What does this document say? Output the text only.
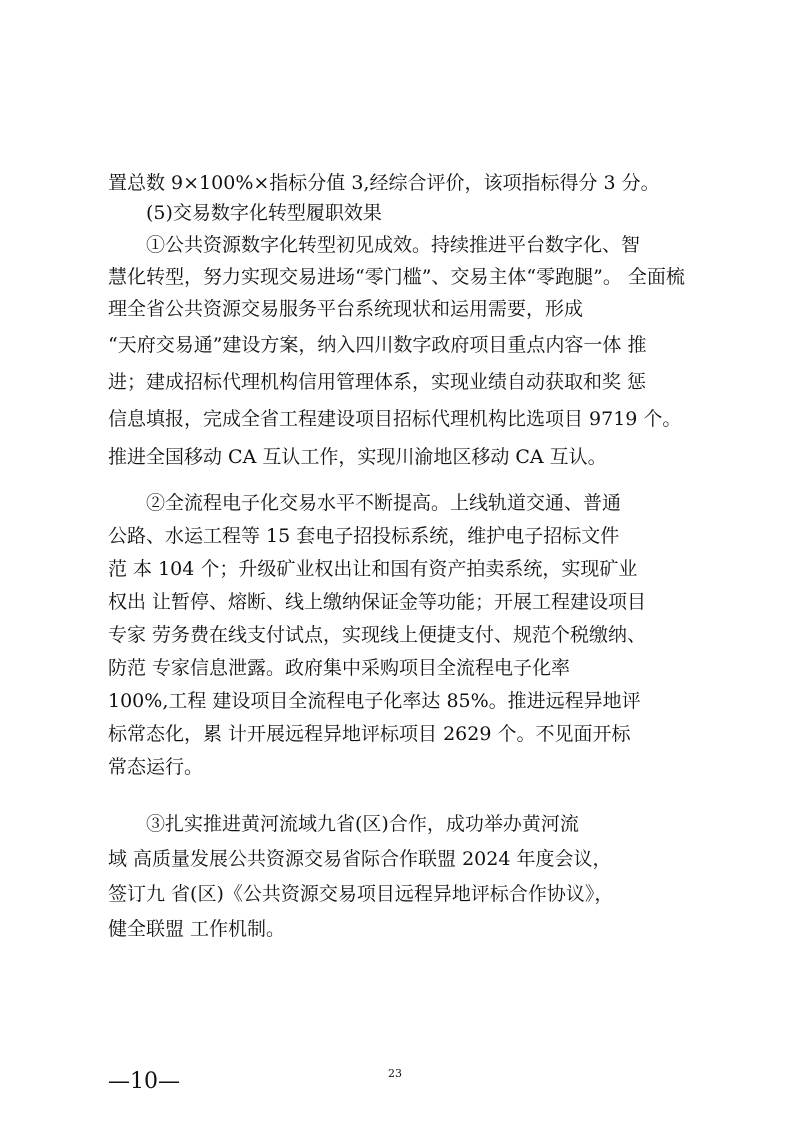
置总数 9×100%×指标分值 3,经综合评价，该项指标得分 3 分。
(5)交易数字化转型履职效果
①公共资源数字化转型初见成效。持续推进平台数字化、智
慧化转型，努力实现交易进场“零门槛”、交易主体“零跑腿”。 全面梳
理全省公共资源交易服务平台系统现状和运用需要，形成
“天府交易通”建设方案，纳入四川数字政府项目重点内容一体 推
进；建成招标代理机构信用管理体系，实现业绩自动获取和奖 惩
信息填报，完成全省工程建设项目招标代理机构比选项目 9719 个。
推进全国移动 CA 互认工作，实现川渝地区移动 CA 互认。
②全流程电子化交易水平不断提高。上线轨道交通、普通
公路、水运工程等 15 套电子招投标系统，维护电子招标文件
范 本 104 个；升级矿业权出让和国有资产拍卖系统，实现矿业
权出 让暂停、熔断、线上缴纳保证金等功能；开展工程建设项目
专家 劳务费在线支付试点，实现线上便捷支付、规范个税缴纳、
防范 专家信息泄露。政府集中采购项目全流程电子化率
100%,工程 建设项目全流程电子化率达 85%。推进远程异地评
标常态化，累 计开展远程异地评标项目 2629 个。不见面开标
常态运行。
③扎实推进黄河流域九省(区)合作，成功举办黄河流
域 高质量发展公共资源交易省际合作联盟 2024 年度会议，
签订九 省(区)《公共资源交易项目远程异地评标合作协议》，
健全联盟 工作机制。
—10—	23
